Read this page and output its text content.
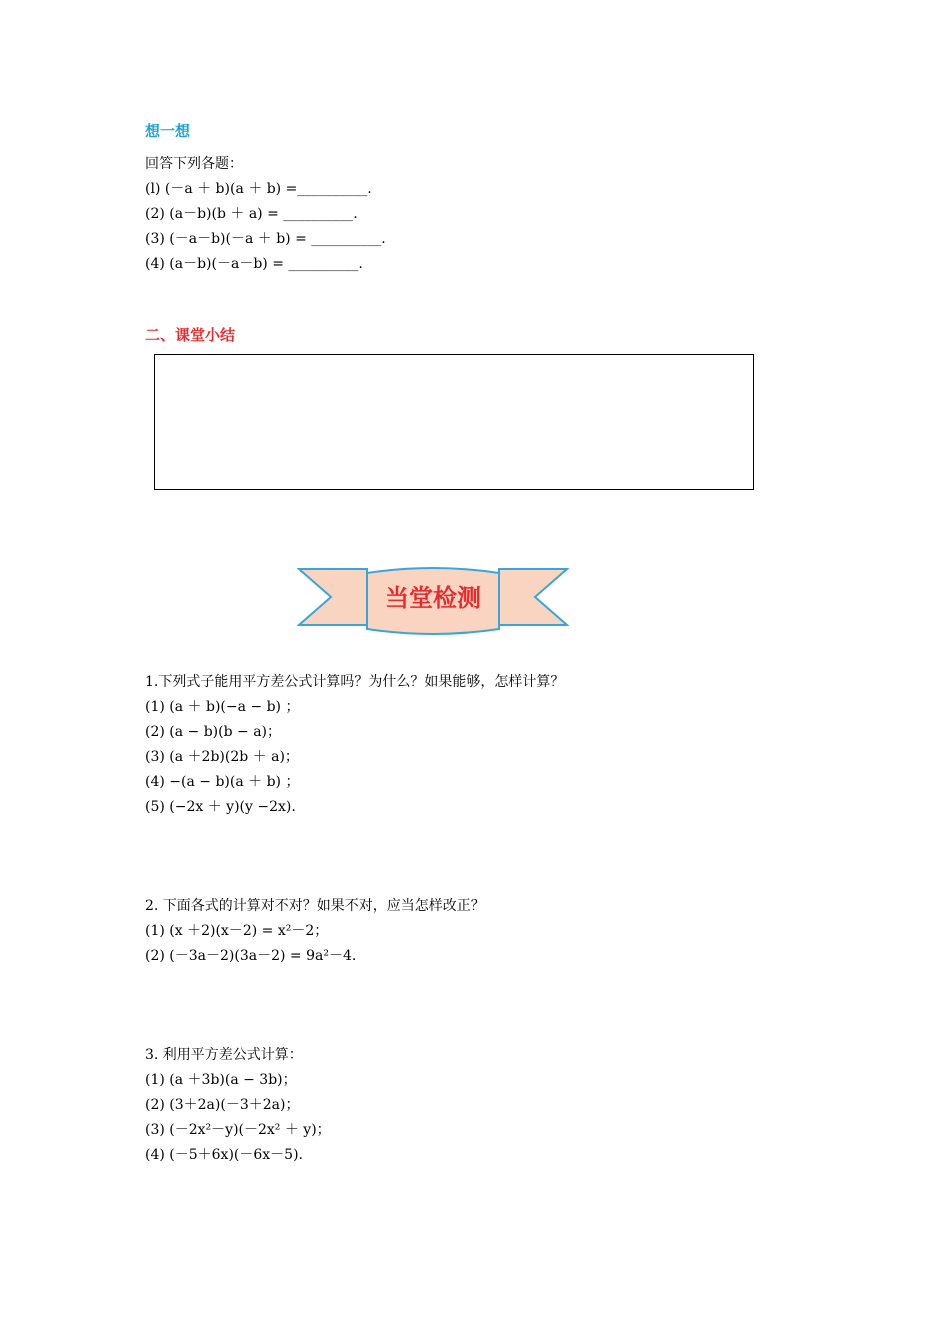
想一想
回答下列各题：
(l) (－a ＋ b)(a ＋ b) =__________.
(2) (a－b)(b ＋ a) = __________.
(3) (－a－b)(－a ＋ b) = __________.
(4) (a－b)(－a－b) = __________.
二、课堂小结
当堂检测
1.下列式子能用平方差公式计算吗？为什么？如果能够，怎样计算？
(1) (a ＋ b)(−a − b) ；
(2) (a − b)(b − a)；
(3) (a ＋2b)(2b ＋ a)；
(4) −(a − b)(a ＋ b) ；
(5) (−2x ＋ y)(y −2x).
2. 下面各式的计算对不对？如果不对，应当怎样改正？
(1) (x ＋2)(x－2) = x²－2；
(2) (－3a－2)(3a－2) = 9a²－4.
3. 利用平方差公式计算：
(1) (a ＋3b)(a − 3b)；
(2) (3＋2a)(－3＋2a)；
(3) (－2x²－y)(－2x² ＋ y)；
(4) (－5＋6x)(－6x－5).
